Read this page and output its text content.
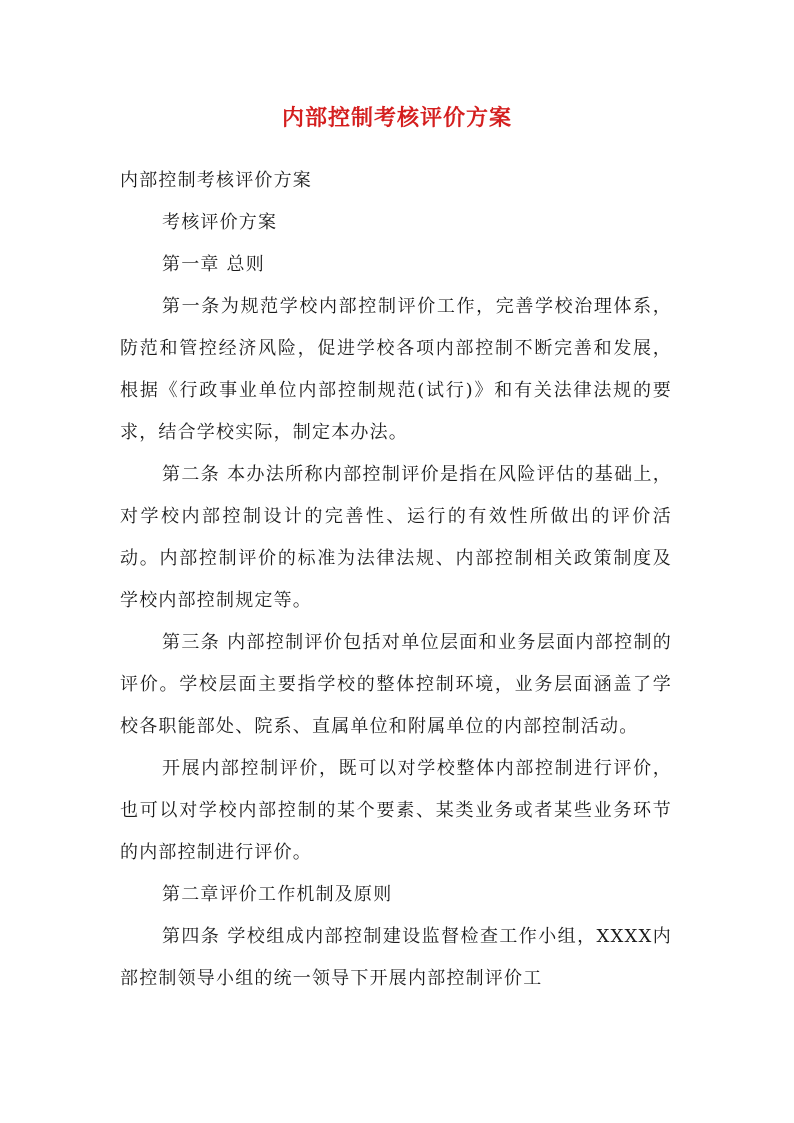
内部控制考核评价方案

内部控制考核评价方案

考核评价方案

第一章 总则

第一条为规范学校内部控制评价工作，完善学校治理体系，防范和管控经济风险，促进学校各项内部控制不断完善和发展，根据《行政事业单位内部控制规范(试行)》和有关法律法规的要求，结合学校实际，制定本办法。

第二条 本办法所称内部控制评价是指在风险评估的基础上，对学校内部控制设计的完善性、运行的有效性所做出的评价活动。内部控制评价的标准为法律法规、内部控制相关政策制度及学校内部控制规定等。

第三条 内部控制评价包括对单位层面和业务层面内部控制的评价。学校层面主要指学校的整体控制环境，业务层面涵盖了学校各职能部处、院系、直属单位和附属单位的内部控制活动。

开展内部控制评价，既可以对学校整体内部控制进行评价，也可以对学校内部控制的某个要素、某类业务或者某些业务环节的内部控制进行评价。

第二章评价工作机制及原则

第四条 学校组成内部控制建设监督检查工作小组，XXXX内部控制领导小组的统一领导下开展内部控制评价工
